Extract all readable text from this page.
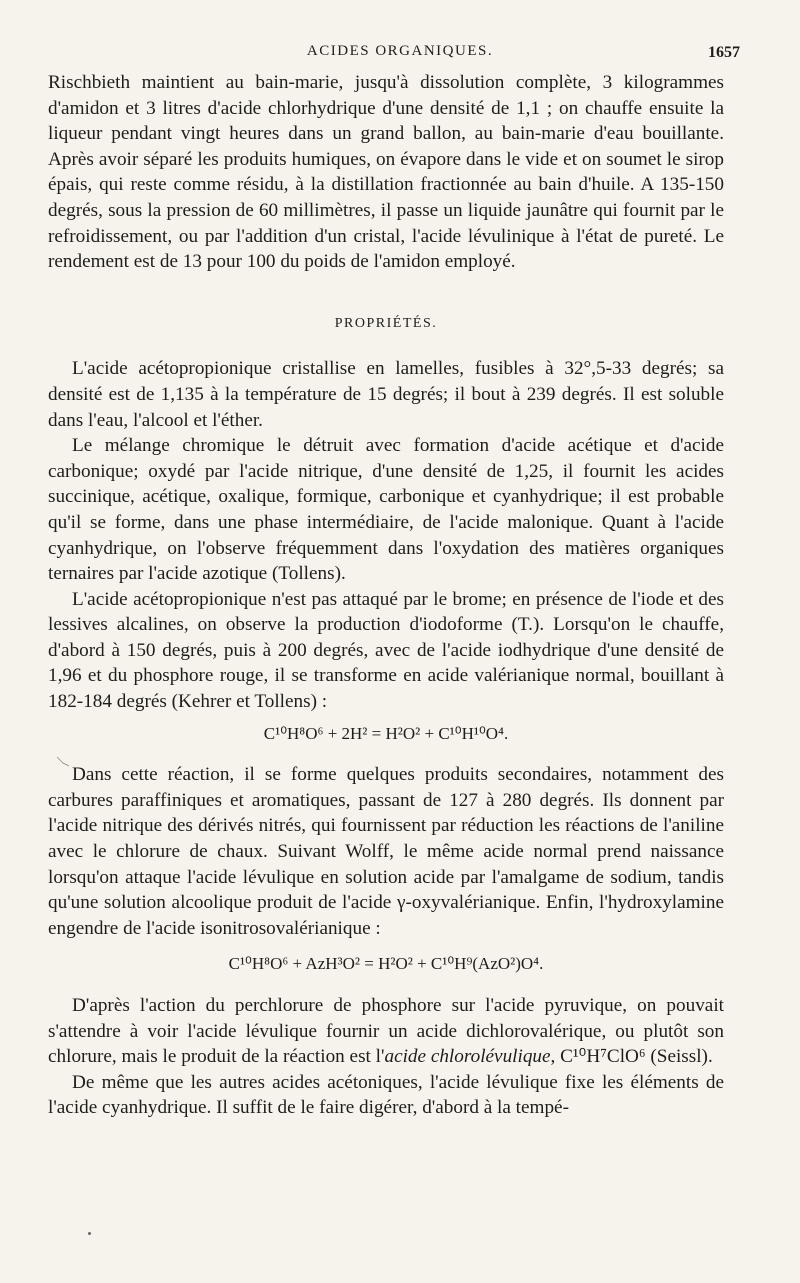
ACIDES ORGANIQUES.	1657

Rischbieth maintient au bain-marie, jusqu'à dissolution complète, 3 kilogrammes d'amidon et 3 litres d'acide chlorhydrique d'une densité de 1,1 ; on chauffe ensuite la liqueur pendant vingt heures dans un grand ballon, au bain-marie d'eau bouillante. Après avoir séparé les produits humiques, on évapore dans le vide et on soumet le sirop épais, qui reste comme résidu, à la distillation fractionnée au bain d'huile. A 135-150 degrés, sous la pression de 60 millimètres, il passe un liquide jaunâtre qui fournit par le refroidissement, ou par l'addition d'un cristal, l'acide lévulinique à l'état de pureté. Le rendement est de 13 pour 100 du poids de l'amidon employé.

PROPRIÉTÉS.

L'acide acétopropionique cristallise en lamelles, fusibles à 32°,5-33 degrés; sa densité est de 1,135 à la température de 15 degrés; il bout à 239 degrés. Il est soluble dans l'eau, l'alcool et l'éther.

Le mélange chromique le détruit avec formation d'acide acétique et d'acide carbonique; oxydé par l'acide nitrique, d'une densité de 1,25, il fournit les acides succinique, acétique, oxalique, formique, carbonique et cyanhydrique; il est probable qu'il se forme, dans une phase intermédiaire, de l'acide malonique. Quant à l'acide cyanhydrique, on l'observe fréquemment dans l'oxydation des matières organiques ternaires par l'acide azotique (Tollens).

L'acide acétopropionique n'est pas attaqué par le brome; en présence de l'iode et des lessives alcalines, on observe la production d'iodoforme (T.). Lorsqu'on le chauffe, d'abord à 150 degrés, puis à 200 degrés, avec de l'acide iodhydrique d'une densité de 1,96 et du phosphore rouge, il se transforme en acide valérianique normal, bouillant à 182-184 degrés (Kehrer et Tollens) :

C¹⁰H⁸O⁶ + 2H² = H²O² + C¹⁰H¹⁰O⁴.

Dans cette réaction, il se forme quelques produits secondaires, notamment des carbures paraffiniques et aromatiques, passant de 127 à 280 degrés. Ils donnent par l'acide nitrique des dérivés nitrés, qui fournissent par réduction les réactions de l'aniline avec le chlorure de chaux. Suivant Wolff, le même acide normal prend naissance lorsqu'on attaque l'acide lévulique en solution acide par l'amalgame de sodium, tandis qu'une solution alcoolique produit de l'acide γ-oxyvalérianique. Enfin, l'hydroxylamine engendre de l'acide isonitrosovalérianique :

C¹⁰H⁸O⁶ + AzH³O² = H²O² + C¹⁰H⁹(AzO²)O⁴.

D'après l'action du perchlorure de phosphore sur l'acide pyruvique, on pouvait s'attendre à voir l'acide lévulique fournir un acide dichlorovalérique, ou plutôt son chlorure, mais le produit de la réaction est l'acide chlorolévulique, C¹⁰H⁷ClO⁶ (Seissl).

De même que les autres acides acétoniques, l'acide lévulique fixe les éléments de l'acide cyanhydrique. Il suffit de le faire digérer, d'abord à la tempé-
